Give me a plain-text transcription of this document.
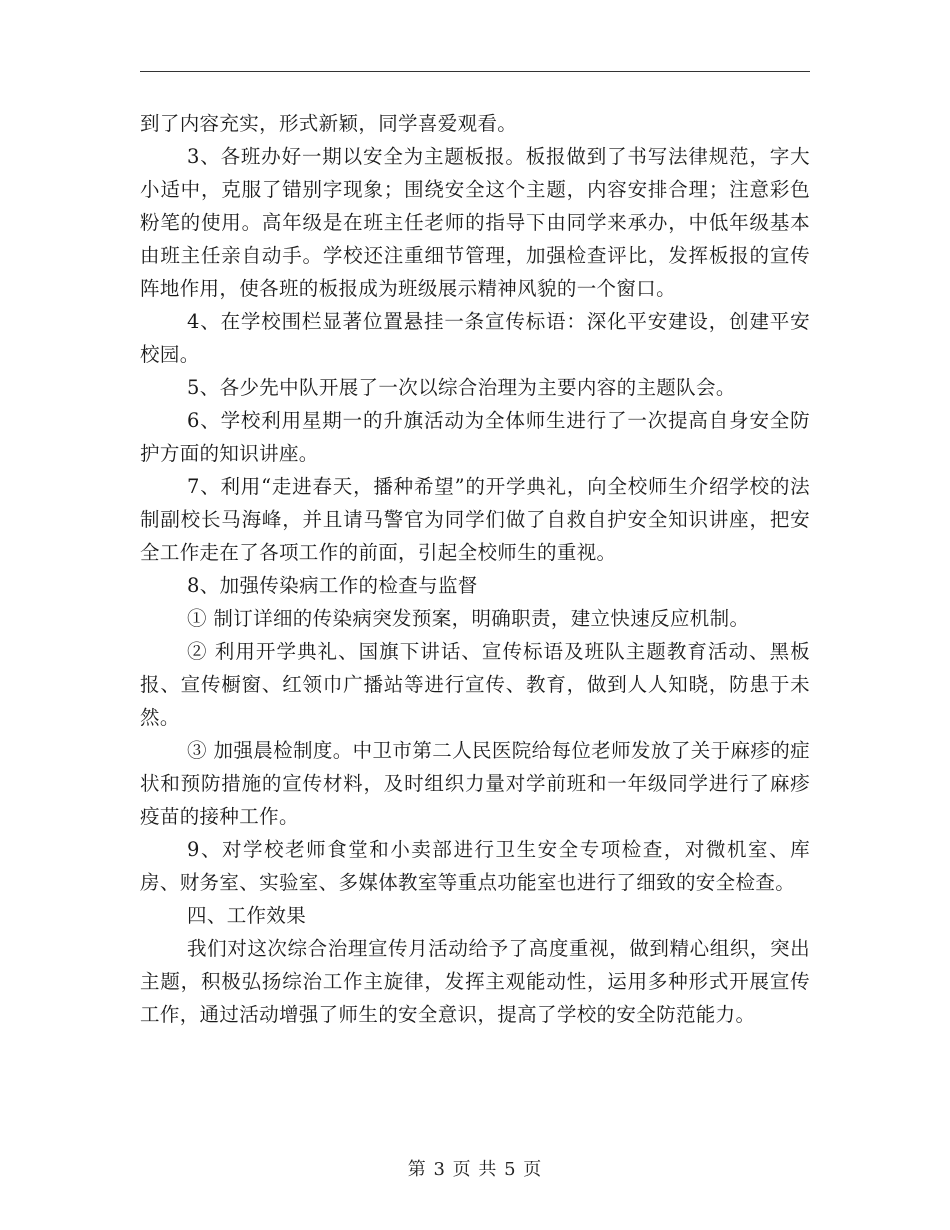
到了内容充实，形式新颖，同学喜爱观看。

3、各班办好一期以安全为主题板报。板报做到了书写法律规范，字大小适中，克服了错别字现象；围绕安全这个主题，内容安排合理；注意彩色粉笔的使用。高年级是在班主任老师的指导下由同学来承办，中低年级基本由班主任亲自动手。学校还注重细节管理，加强检查评比，发挥板报的宣传阵地作用，使各班的板报成为班级展示精神风貌的一个窗口。

4、在学校围栏显著位置悬挂一条宣传标语：深化平安建设，创建平安校园。

5、各少先中队开展了一次以综合治理为主要内容的主题队会。

6、学校利用星期一的升旗活动为全体师生进行了一次提高自身安全防护方面的知识讲座。

7、利用“走进春天，播种希望”的开学典礼，向全校师生介绍学校的法制副校长马海峰，并且请马警官为同学们做了自救自护安全知识讲座，把安全工作走在了各项工作的前面，引起全校师生的重视。

8、加强传染病工作的检查与监督

① 制订详细的传染病突发预案，明确职责，建立快速反应机制。

② 利用开学典礼、国旗下讲话、宣传标语及班队主题教育活动、黑板报、宣传橱窗、红领巾广播站等进行宣传、教育，做到人人知晓，防患于未然。

③ 加强晨检制度。中卫市第二人民医院给每位老师发放了关于麻疹的症状和预防措施的宣传材料，及时组织力量对学前班和一年级同学进行了麻疹疫苗的接种工作。

9、对学校老师食堂和小卖部进行卫生安全专项检查，对微机室、库房、财务室、实验室、多媒体教室等重点功能室也进行了细致的安全检查。

四、工作效果

我们对这次综合治理宣传月活动给予了高度重视，做到精心组织，突出主题，积极弘扬综治工作主旋律，发挥主观能动性，运用多种形式开展宣传工作，通过活动增强了师生的安全意识，提高了学校的安全防范能力。

第 3 页 共 5 页
